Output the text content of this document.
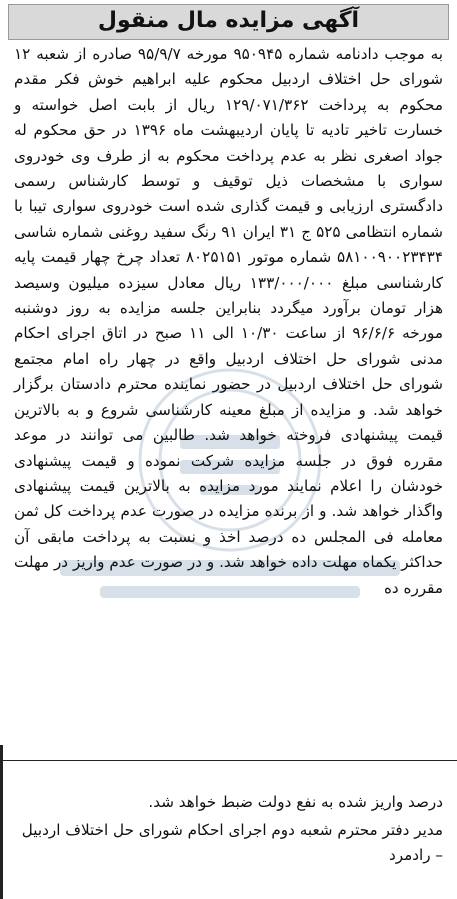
آگهی مزایده مال منقول
به موجب دادنامه شماره ۹۵۰۹۴۵ مورخه ۹۵/۹/۷ صادره از شعبه ۱۲ شورای حل اختلاف اردبیل محکوم علیه ابراهیم خوش فکر مقدم محکوم به پرداخت ۱۲۹/۰۷۱/۳۶۲ ریال از بابت اصل خواسته و خسارت تاخیر تادیه تا پایان اردیبهشت ماه ۱۳۹۶ در حق محکوم له جواد اصغری نظر به عدم پرداخت محکوم به از طرف وی خودروی سواری با مشخصات ذیل توقیف و توسط کارشناس رسمی دادگستری ارزیابی و قیمت گذاری شده است خودروی سواری تیبا با شماره انتظامی ۵۲۵ ج ۳۱ ایران ۹۱ رنگ سفید روغنی شماره شاسی ۵۸۱۰۰۹۰۰۲۳۴۳۴ شماره موتور ۸۰۲۵۱۵۱ تعداد چرخ چهار قیمت پایه کارشناسی مبلغ ۱۳۳/۰۰۰/۰۰۰ ریال معادل سیزده میلیون وسیصد هزار تومان برآورد میگردد بنابراین جلسه مزایده به روز دوشنبه مورخه ۹۶/۶/۶ از ساعت ۱۰/۳۰ الی ۱۱ صبح در اتاق اجرای احکام مدنی شورای حل اختلاف اردبیل واقع در چهار راه امام مجتمع شورای حل اختلاف اردبیل در حضور نماینده محترم دادستان برگزار خواهد شد. و مزایده از مبلغ معینه کارشناسی شروع و به بالاترین قیمت پیشنهادی فروخته خواهد شد. طالبین می توانند در موعد مقرره فوق در جلسه مزایده شرکت نموده و قیمت پیشنهادی خودشان را اعلام نمایند مورد مزایده به بالاترین قیمت پیشنهادی واگذار خواهد شد. و از برنده مزایده در صورت عدم پرداخت کل ثمن معامله فی المجلس ده درصد اخذ و نسبت به پرداخت مابقی آن حداکثر یکماه مهلت داده خواهد شد. و در صورت عدم واریز در مهلت مقرره ده
درصد واریز شده به نفع دولت ضبط خواهد شد.
مدیر دفتر محترم شعبه دوم اجرای احکام شورای حل اختلاف اردبیل – رادمرد
